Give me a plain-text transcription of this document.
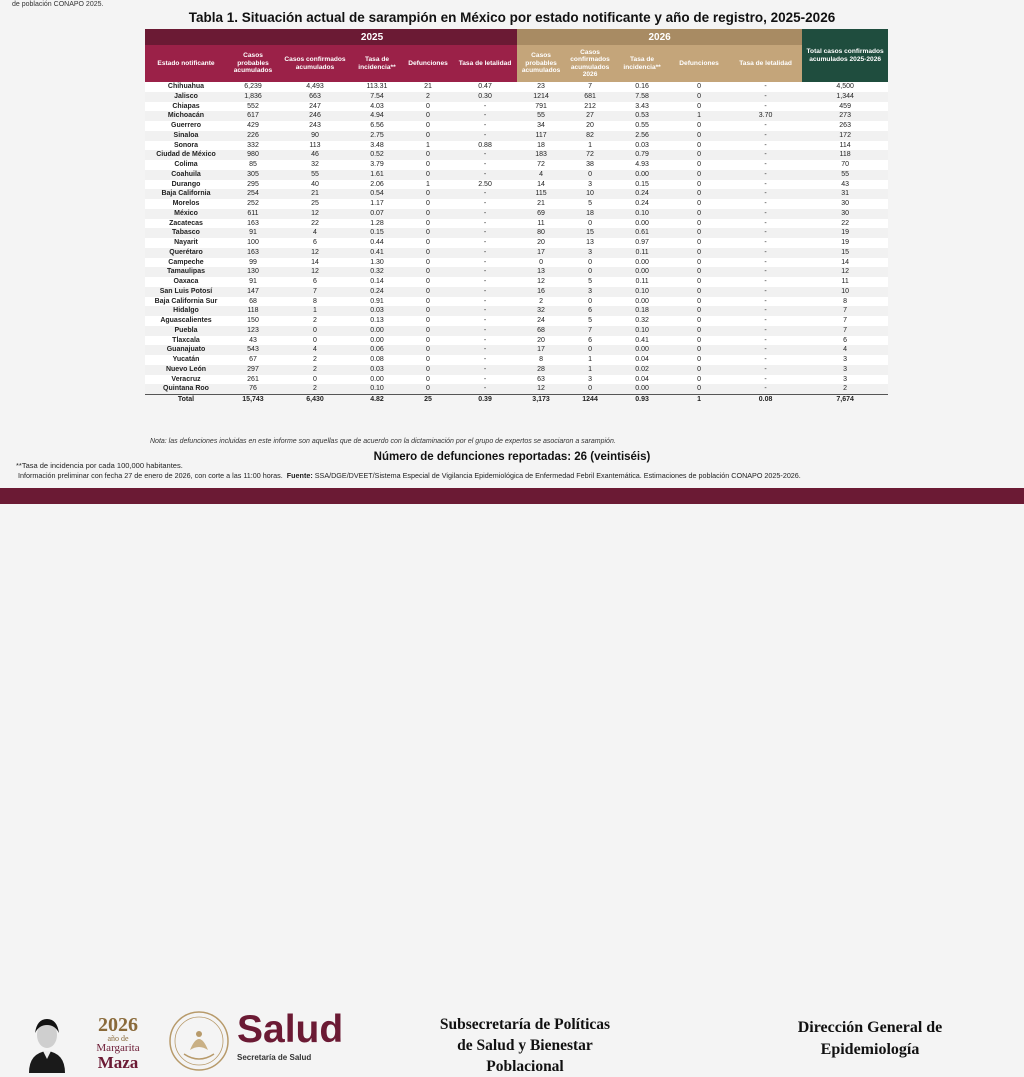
de población CONAPO 2025.
Tabla 1. Situación actual de sarampión en México por estado notificante y año de registro, 2025-2026
	2025					2026					Total casos confirmados acumulados 2025-2026
Estado notificante	Casos probables acumulados	Casos confirmados acumulados	Tasa de incidencia**	Defunciones	Tasa de letalidad	Casos probables acumulados	Casos confirmados acumulados 2026	Tasa de incidencia**	Defunciones	Tasa de letalidad	
Chihuahua	6,239	4,493	113.31	21	0.47	23	7	0.16	0	-	4,500
Jalisco	1,836	663	7.54	2	0.30	1214	681	7.58	0	-	1,344
Chiapas	552	247	4.03	0	-	791	212	3.43	0	-	459
Michoacán	617	246	4.94	0	-	55	27	0.53	1	3.70	273
Guerrero	429	243	6.56	0	-	34	20	0.55	0	-	263
Sinaloa	226	90	2.75	0	-	117	82	2.56	0	-	172
Sonora	332	113	3.48	1	0.88	18	1	0.03	0	-	114
Ciudad de México	980	46	0.52	0	-	183	72	0.79	0	-	118
Colima	85	32	3.79	0	-	72	38	4.93	0	-	70
Coahuila	305	55	1.61	0	-	4	0	0.00	0	-	55
Durango	295	40	2.06	1	2.50	14	3	0.15	0	-	43
Baja California	254	21	0.54	0	-	115	10	0.24	0	-	31
Morelos	252	25	1.17	0	-	21	5	0.24	0	-	30
México	611	12	0.07	0	-	69	18	0.10	0	-	30
Zacatecas	163	22	1.28	0	-	11	0	0.00	0	-	22
Tabasco	91	4	0.15	0	-	80	15	0.61	0	-	19
Nayarit	100	6	0.44	0	-	20	13	0.97	0	-	19
Querétaro	163	12	0.41	0	-	17	3	0.11	0	-	15
Campeche	99	14	1.30	0	-	0	0	0.00	0	-	14
Tamaulipas	130	12	0.32	0	-	13	0	0.00	0	-	12
Oaxaca	91	6	0.14	0	-	12	5	0.11	0	-	11
San Luis Potosí	147	7	0.24	0	-	16	3	0.10	0	-	10
Baja California Sur	68	8	0.91	0	-	2	0	0.00	0	-	8
Hidalgo	118	1	0.03	0	-	32	6	0.18	0	-	7
Aguascalientes	150	2	0.13	0	-	24	5	0.32	0	-	7
Puebla	123	0	0.00	0	-	68	7	0.10	0	-	7
Tlaxcala	43	0	0.00	0	-	20	6	0.41	0	-	6
Guanajuato	543	4	0.06	0	-	17	0	0.00	0	-	4
Yucatán	67	2	0.08	0	-	8	1	0.04	0	-	3
Nuevo León	297	2	0.03	0	-	28	1	0.02	0	-	3
Veracruz	261	0	0.00	0	-	63	3	0.04	0	-	3
Quintana Roo	76	2	0.10	0	-	12	0	0.00	0	-	2
Total	15,743	6,430	4.82	25	0.39	3,173	1244	0.93	1	0.08	7,674
Nota: las defunciones incluidas en este informe son aquellas que de acuerdo con la dictaminación por el grupo de expertos se asociaron a sarampión.
Número de defunciones reportadas: 26 (veintiséis)
**Tasa de incidencia por cada 100,000 habitantes.
Información preliminar con fecha 27 de enero de 2026, con corte a las 11:00 horas. Fuente: SSA/DGE/DVEET/Sistema Especial de Vigilancia Epidemiológica de Enfermedad Febril Exantemática. Estimaciones de población CONAPO 2025-2026.
2026
año de
Margarita
Maza
Salud
Secretaría de Salud
Subsecretaría de Políticas
de Salud y Bienestar
Poblacional
Dirección General de
Epidemiología
